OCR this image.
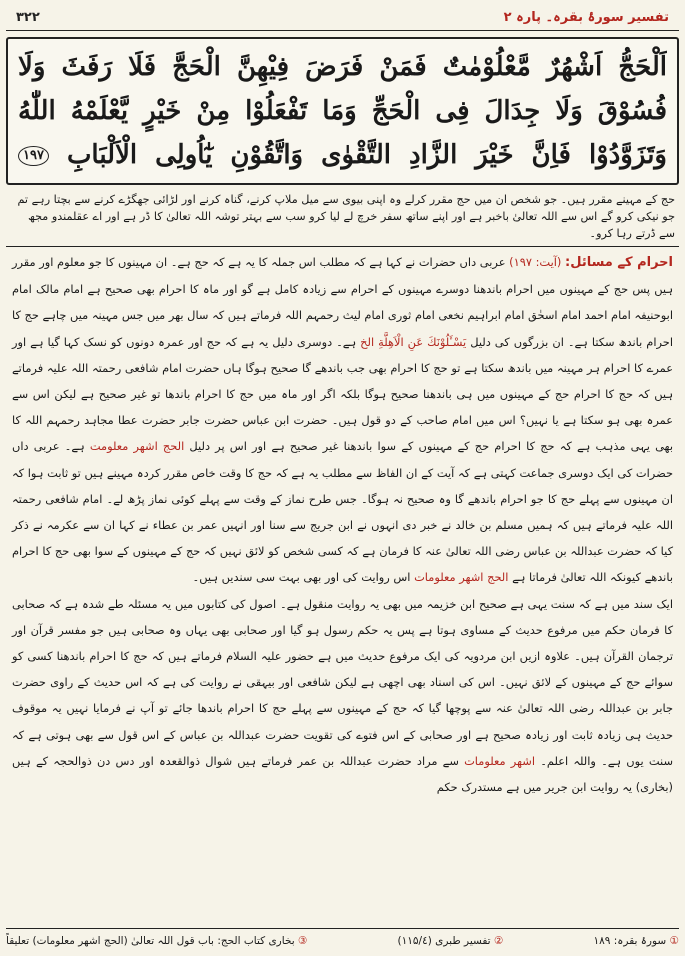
تفسیر سورۂ بقرہ۔ پارہ ۲
۳۲۲
اَلْحَجُّ اَشْهُرٌ مَّعْلُوْمٰتٌ فَمَنْ فَرَضَ فِيْهِنَّ الْحَجَّ فَلَا رَفَثَ وَلَا
فُسُوْقَ وَلَا جِدَالَ فِى الْحَجِّ وَمَا تَفْعَلُوْا مِنْ خَيْرٍ يَّعْلَمْهُ اللّٰهُ
وَتَزَوَّدُوْا فَاِنَّ خَيْرَ الزَّادِ التَّقْوٰى وَاتَّقُوْنِ يٰٓاُولِى الْاَلْبَابِ ۱۹۷
حج کے مہینے مقرر ہیں۔ جو شخص ان میں حج مقرر کرلے وہ اپنی بیوی سے میل ملاپ کرنے، گناہ کرنے اور لڑائی جھگڑے کرنے سے بچتا رہے تم جو نیکی کرو گے اس سے اللہ تعالیٰ باخبر ہے اور اپنے ساتھ سفر خرچ لے لیا کرو سب سے بہتر توشہ اللہ تعالیٰ کا ڈر ہے اور اے عقلمندو مجھ سے ڈرتے رہا کرو۔

احرام کے مسائل: (آیت: ۱۹۷) عربی داں حضرات نے کہا ہے کہ مطلب اس جملہ کا یہ ہے کہ حج ہے۔ ان مہینوں کا جو معلوم اور مقرر ہیں پس حج کے مہینوں میں احرام باندھنا دوسرے مہینوں کے احرام سے زیادہ کامل ہے گو اور ماہ کا احرام بھی صحیح ہے امام مالک امام ابوحنیفہ امام احمد امام اسحٰق امام ابراہیم نخعی امام ثوری امام لیث رحمہم اللہ فرماتے ہیں کہ سال بھر میں جس مہینہ میں چاہے حج کا احرام باندھ سکتا ہے۔ ان بزرگوں کی دلیل يَسْـَٔلُوْنَكَ عَنِ الْاَهِلَّةِ الخ ہے۔ دوسری دلیل یہ ہے کہ حج اور عمرہ دونوں کو نسک کہا گیا ہے اور عمرے کا احرام ہر مہینہ میں باندھ سکتا ہے تو حج کا احرام بھی جب باندھے گا صحیح ہوگا ہاں حضرت امام شافعی رحمتہ اللہ علیہ فرماتے ہیں کہ حج کا احرام حج کے مہینوں میں ہی باندھنا صحیح ہوگا بلکہ اگر اور ماہ میں حج کا احرام باندھا تو غیر صحیح ہے لیکن اس سے عمرہ بھی ہو سکتا ہے یا نہیں؟ اس میں امام صاحب کے دو قول ہیں۔ حضرت ابن عباس حضرت جابر حضرت عطا مجاہد رحمہم اللہ کا بھی یہی مذہب ہے کہ حج کا احرام حج کے مہینوں کے سوا باندھنا غیر صحیح ہے اور اس پر دلیل الحج اشھر معلومت ہے۔ عربی داں حضرات کی ایک دوسری جماعت کہتی ہے کہ آیت کے ان الفاظ سے مطلب یہ ہے کہ حج کا وقت خاص مقرر کردہ مہینے ہیں تو ثابت ہوا کہ ان مہینوں سے پہلے حج کا جو احرام باندھے گا وہ صحیح نہ ہوگا۔ جس طرح نماز کے وقت سے پہلے کوئی نماز پڑھ لے۔ امام شافعی رحمتہ اللہ علیہ فرماتے ہیں کہ ہمیں مسلم بن خالد نے خبر دی انہوں نے ابن جریج سے سنا اور انہیں عمر بن عطاء نے کہا ان سے عکرمہ نے ذکر کیا کہ حضرت عبداللہ بن عباس رضی اللہ تعالیٰ عنہ کا فرمان ہے کہ کسی شخص کو لائق نہیں کہ حج کے مہینوں کے سوا بھی حج کا احرام باندھے کیونکہ اللہ تعالیٰ فرماتا ہے الحج اشھر معلومات اس روایت کی اور بھی بہت سی سندیں ہیں۔

ایک سند میں ہے کہ سنت یہی ہے صحیح ابن خزیمہ میں بھی یہ روایت منقول ہے۔ اصول کی کتابوں میں یہ مسئلہ طے شدہ ہے کہ صحابی کا فرمان حکم میں مرفوع حدیث کے مساوی ہوتا ہے پس یہ حکم رسول ہو گیا اور صحابی بھی یہاں وہ صحابی ہیں جو مفسر قرآن اور ترجمان القرآن ہیں۔ علاوہ ازیں ابن مردویہ کی ایک مرفوع حدیث میں ہے حضور علیہ السلام فرماتے ہیں کہ حج کا احرام باندھنا کسی کو سوائے حج کے مہینوں کے لائق نہیں۔ اس کی اسناد بھی اچھی ہے لیکن شافعی اور بیہقی نے روایت کی ہے کہ اس حدیث کے راوی حضرت جابر بن عبداللہ رضی اللہ تعالیٰ عنہ سے پوچھا گیا کہ حج کے مہینوں سے پہلے حج کا احرام باندھا جائے تو آپ نے فرمایا نہیں یہ موقوف حدیث ہی زیادہ ثابت اور زیادہ صحیح ہے اور صحابی کے اس فتوے کی تقویت حضرت عبداللہ بن عباس کے اس قول سے بھی ہوتی ہے کہ سنت یوں ہے۔ واللہ اعلم۔ اشھر معلومات سے مراد حضرت عبداللہ بن عمر فرماتے ہیں شوال ذوالقعدہ اور دس دن ذوالحجہ کے ہیں (بخاری) یہ روایت ابن جریر میں ہے مستدرک حکم

① سورۂ بقرہ: ۱۸۹
② تفسیر طبری (۱۱۵/٤)
③ بخاری کتاب الحج: باب قول اللہ تعالیٰ (الحج اشھر معلومات) تعلیقاً
